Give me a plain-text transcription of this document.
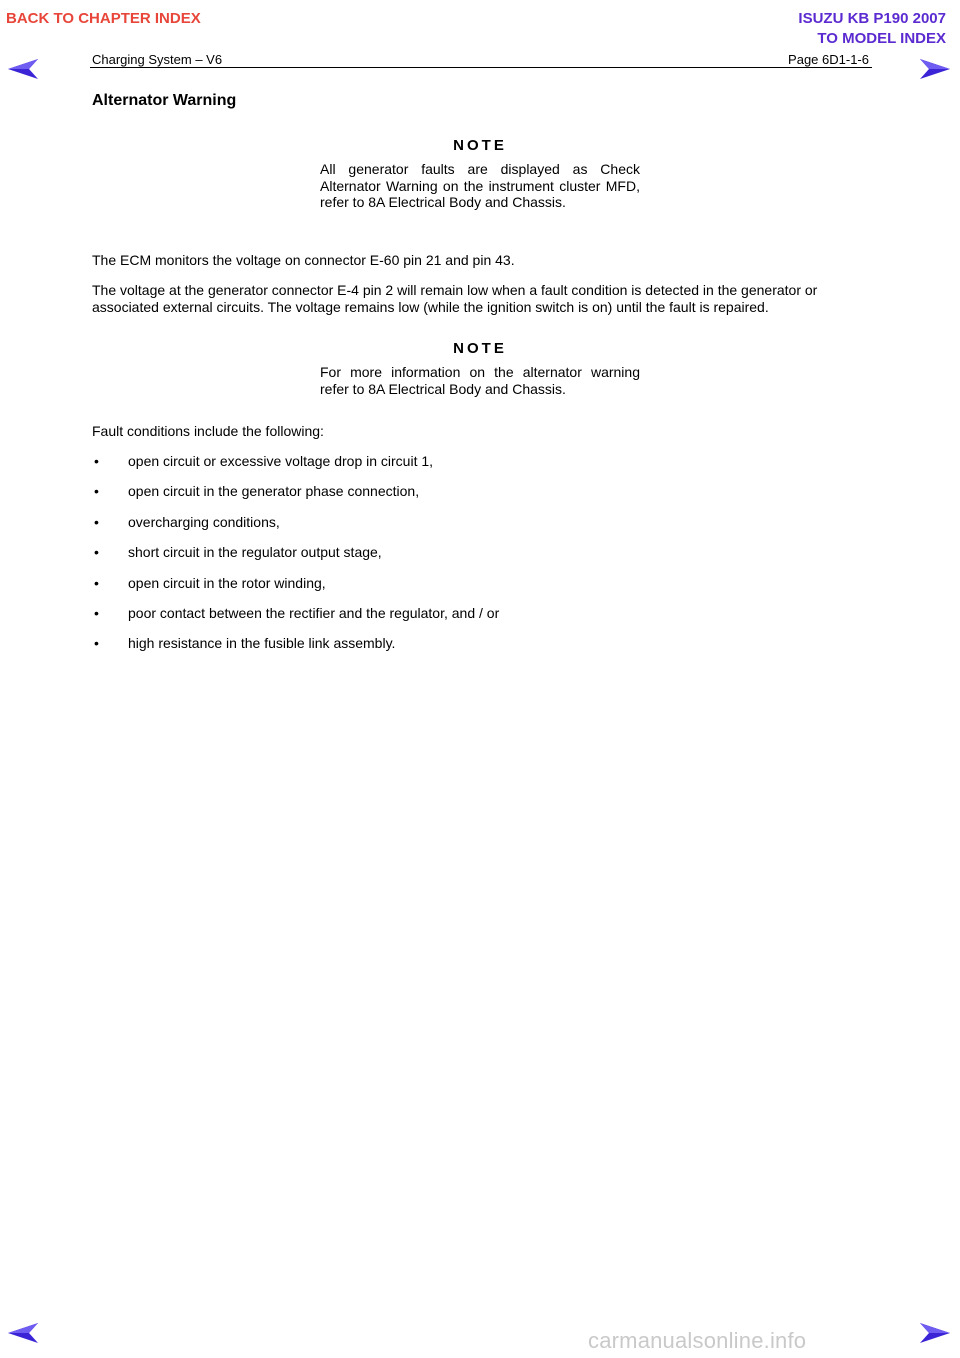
BACK TO CHAPTER INDEX	ISUZU KB P190 2007
TO MODEL INDEX
Charging System – V6	Page 6D1-1-6
Alternator Warning
NOTE
All generator faults are displayed as Check Alternator Warning on the instrument cluster MFD, refer to 8A Electrical Body and Chassis.
The ECM monitors the voltage on connector E-60 pin 21 and pin 43.
The voltage at the generator connector E-4 pin 2 will remain low when a fault condition is detected in the generator or associated external circuits. The voltage remains low (while the ignition switch is on) until the fault is repaired.
NOTE
For more information on the alternator warning refer to 8A Electrical Body and Chassis.
Fault conditions include the following:
• open circuit or excessive voltage drop in circuit 1,
• open circuit in the generator phase connection,
• overcharging conditions,
• short circuit in the regulator output stage,
• open circuit in the rotor winding,
• poor contact between the rectifier and the regulator, and / or
• high resistance in the fusible link assembly.
carmanualsonline.info
